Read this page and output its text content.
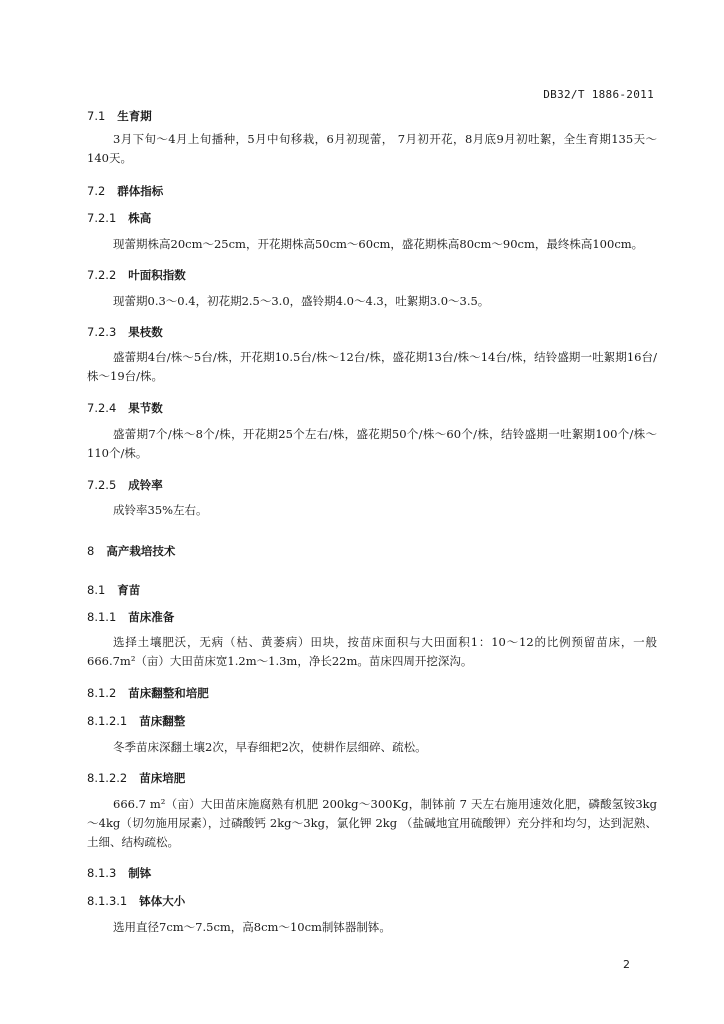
DB32/T 1886-2011
7.1 生育期
3月下旬～4月上旬播种，5月中旬移栽，6月初现蕾， 7月初开花，8月底9月初吐絮，全生育期135天～140天。
7.2 群体指标
7.2.1 株高
现蕾期株高20cm～25cm，开花期株高50cm～60cm，盛花期株高80cm～90cm，最终株高100cm。
7.2.2 叶面积指数
现蕾期0.3～0.4，初花期2.5～3.0，盛铃期4.0～4.3，吐絮期3.0～3.5。
7.2.3 果枝数
盛蕾期4台/株～5台/株，开花期10.5台/株～12台/株，盛花期13台/株～14台/株，结铃盛期一吐絮期16台/株～19台/株。
7.2.4 果节数
盛蕾期7个/株～8个/株，开花期25个左右/株，盛花期50个/株～60个/株，结铃盛期一吐絮期100个/株～110个/株。
7.2.5 成铃率
成铃率35%左右。
8 高产栽培技术
8.1 育苗
8.1.1 苗床准备
选择土壤肥沃，无病（枯、黄萎病）田块，按苗床面积与大田面积1：10～12的比例预留苗床，一般666.7m²（亩）大田苗床宽1.2m～1.3m，净长22m。苗床四周开挖深沟。
8.1.2 苗床翻整和培肥
8.1.2.1 苗床翻整
冬季苗床深翻土壤2次，早春细耙2次，使耕作层细碎、疏松。
8.1.2.2 苗床培肥
666.7 m²（亩）大田苗床施腐熟有机肥 200kg～300Kg，制钵前 7 天左右施用速效化肥，磷酸氢铵3kg～4kg（切勿施用尿素），过磷酸钙 2kg～3kg，氯化钾 2kg （盐碱地宜用硫酸钾）充分拌和均匀，达到泥熟、土细、结构疏松。
8.1.3 制钵
8.1.3.1 钵体大小
选用直径7cm～7.5cm，高8cm～10cm制钵器制钵。
2
